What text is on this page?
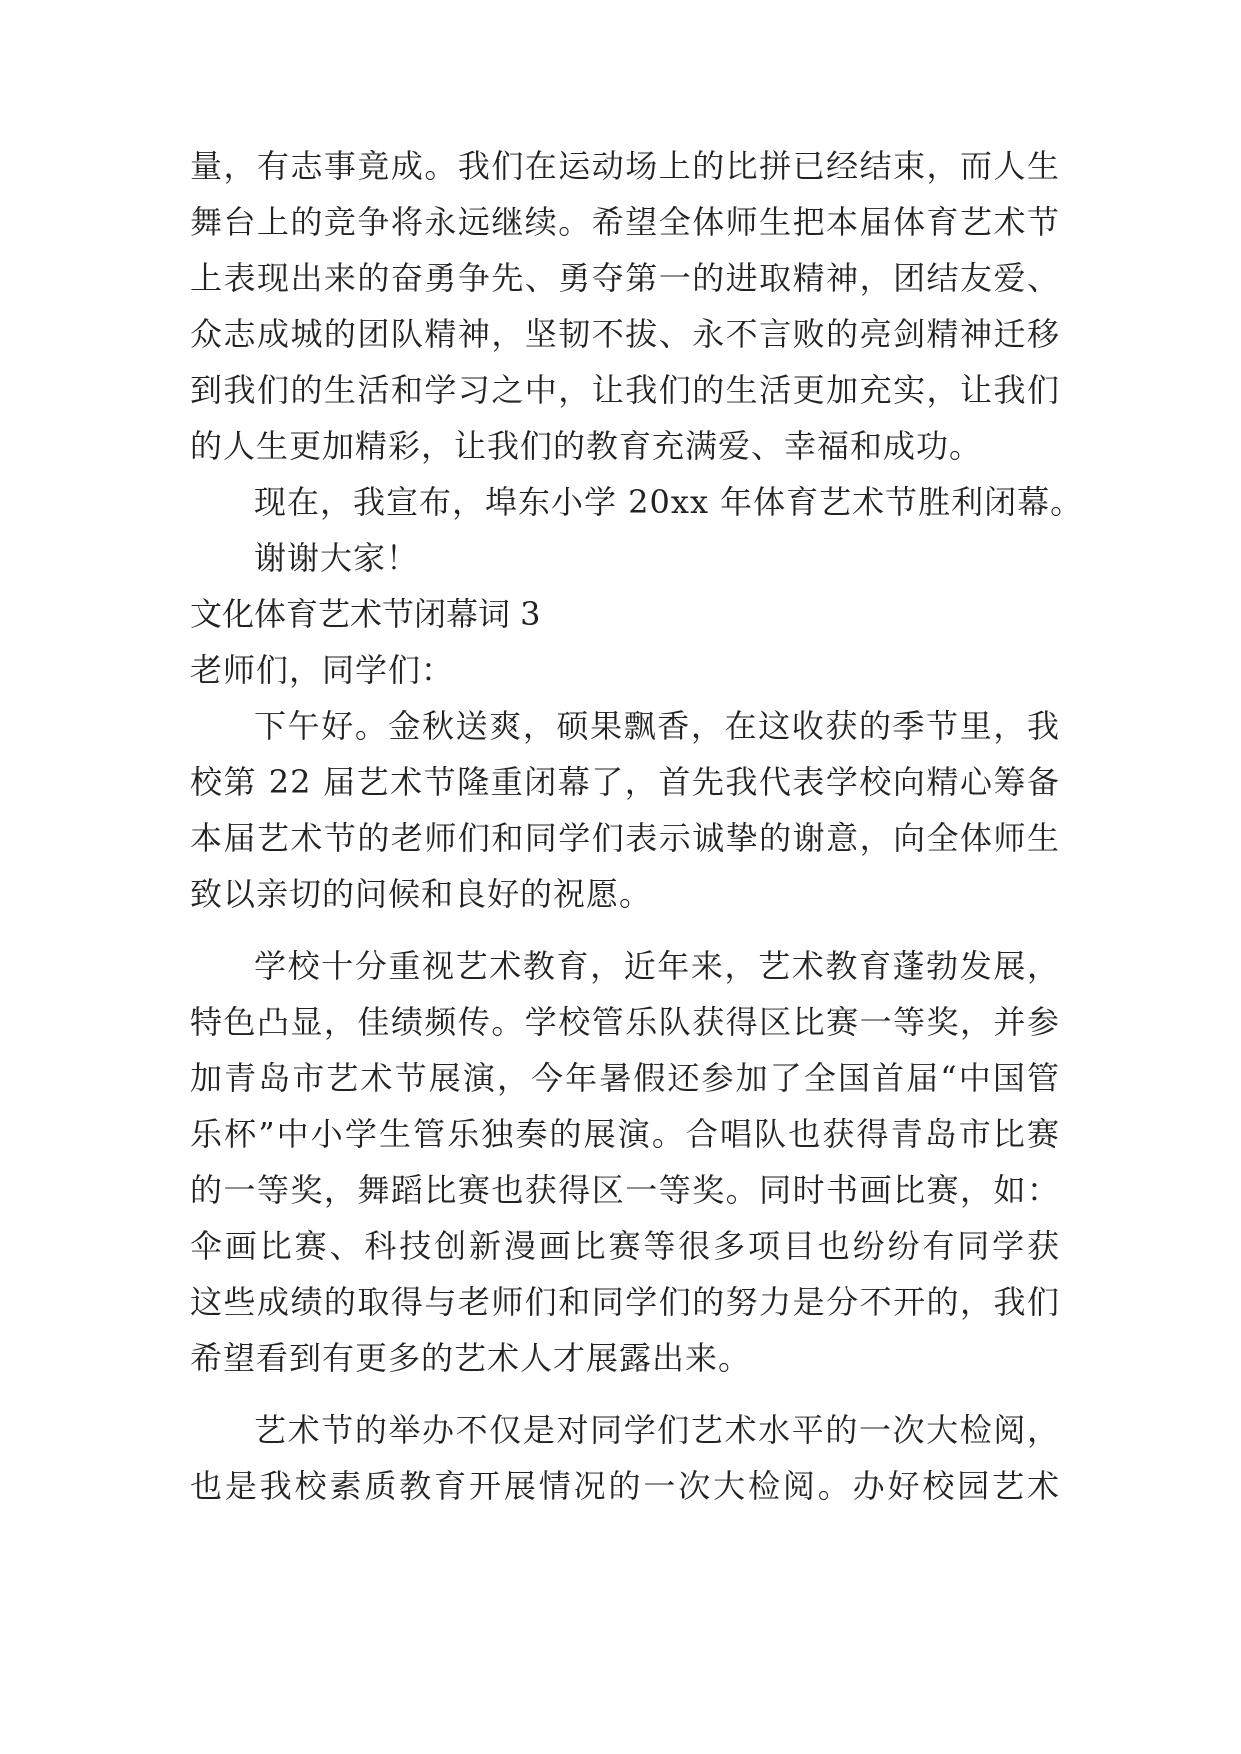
量，有志事竟成。我们在运动场上的比拼已经结束，而人生
舞台上的竞争将永远继续。希望全体师生把本届体育艺术节
上表现出来的奋勇争先、勇夺第一的进取精神，团结友爱、
众志成城的团队精神，坚韧不拔、永不言败的亮剑精神迁移
到我们的生活和学习之中，让我们的生活更加充实，让我们
的人生更加精彩，让我们的教育充满爱、幸福和成功。
现在，我宣布，埠东小学 20xx 年体育艺术节胜利闭幕。
谢谢大家！
文化体育艺术节闭幕词 3
老师们，同学们：
下午好。金秋送爽，硕果飘香，在这收获的季节里，我
校第 22 届艺术节隆重闭幕了，首先我代表学校向精心筹备
本届艺术节的老师们和同学们表示诚挚的谢意，向全体师生
致以亲切的问候和良好的祝愿。
学校十分重视艺术教育，近年来，艺术教育蓬勃发展，
特色凸显，佳绩频传。学校管乐队获得区比赛一等奖，并参
加青岛市艺术节展演，今年暑假还参加了全国首届“中国管
乐杯”中小学生管乐独奏的展演。合唱队也获得青岛市比赛
的一等奖，舞蹈比赛也获得区一等奖。同时书画比赛，如：
伞画比赛、科技创新漫画比赛等很多项目也纷纷有同学获
这些成绩的取得与老师们和同学们的努力是分不开的，我们
希望看到有更多的艺术人才展露出来。
艺术节的举办不仅是对同学们艺术水平的一次大检阅，
也是我校素质教育开展情况的一次大检阅。办好校园艺术
